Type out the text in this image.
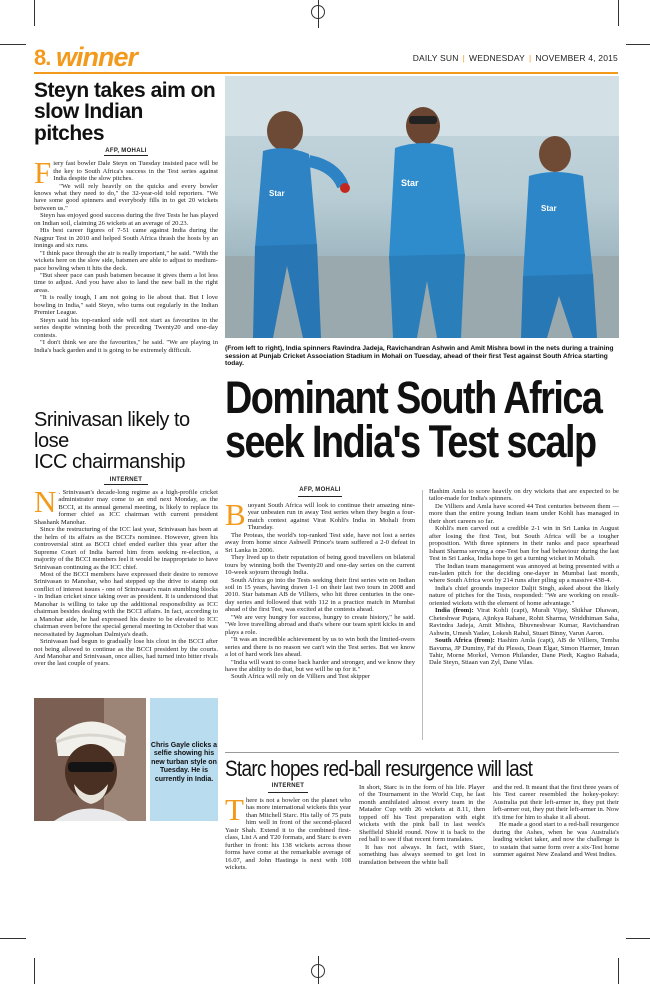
8. winner	DAILY SUN | WEDNESDAY | NOVEMBER 4, 2015
Steyn takes aim on
slow Indian pitches
AFP, MOHALI

Fiery fast bowler Dale Steyn on Tuesday insisted pace will be the key to South Africa's success in the Test series against India despite the slow pitches.

"We will rely heavily on the quicks and every bowler knows what they need to do," the 32-year-old told reporters. "We have some good spinners and everybody fills in to get 20 wickets between us."

Steyn has enjoyed good success during the five Tests he has played on Indian soil, claiming 26 wickets at an average of 20.23.

His best career figures of 7-51 came against India during the Nagpur Test in 2010 and helped South Africa thrash the hosts by an innings and six runs.

"I think pace through the air is really important," he said. "With the wickets here on the slow side, batsmen are able to adjust to medium-pace bowling when it hits the deck.

"But sheer pace can push batsmen because it gives them a lot less time to adjust. And you have also to land the new ball in the right areas.

"It is really tough, I am not going to lie about that. But I love bowling in India," said Steyn, who turns out regularly in the Indian Premier League.

Steyn said his top-ranked side will not start as favourites in the series despite winning both the preceding Twenty20 and one-day contests.

"I don't think we are the favourites," he said. "We are playing in India's back garden and it is going to be extremely difficult.

Srinivasan likely to lose
ICC chairmanship
INTERNET

N . Srinivasan's decade-long regime as a high-profile cricket administrator may come to an end next Monday, as the BCCI, at its annual general meeting, is likely to replace its former chief as ICC chairman with current president Shashank Manohar.

Since the restructuring of the ICC last year, Srinivasan has been at the helm of its affairs as the BCCI's nominee. However, given his controversial stint as BCCI chief ended earlier this year after the Supreme Court of India barred him from seeking re-election, a majority of the BCCI members feel it would be inappropriate to have Srinivasan continuing as the ICC chief.

Most of the BCCI members have expressed their desire to remove Srinivasan to Manohar, who had stepped up the drive to stamp out conflict of interest issues - one of Srinivasan's main stumbling blocks - in Indian cricket since taking over as president. It is understood that Manohar is willing to take up the additional responsibility as ICC chairman besides dealing with the BCCI affairs. In fact, according to a Manohar aide, he had expressed his desire to be elevated to ICC chairman even before the special general meeting in October that was necessitated by Jagmohan Dalmiya's death.

Srinivasan had begun to gradually lose his clout in the BCCI after not being allowed to continue as the BCCI president by the courts. And Manohar and Srinivasan, once allies, had turned into bitter rivals over the last couple of years.

Star
Star
Star
(From left to right), India spinners Ravindra Jadeja, Ravichandran Ashwin and Amit Mishra bowl in the nets during a training session at Punjab Cricket Association Stadium in Mohali on Tuesday, ahead of their first Test against South Africa starting today.
Dominant South Africa
seek India's Test scalp
AFP, MOHALI

Buoyant South Africa will look to continue their amazing nine-year unbeaten run in away Test series when they begin a four-match contest against Virat Kohli's India in Mohali from Thursday.

The Proteas, the world's top-ranked Test side, have not lost a series away from home since Ashwell Prince's team suffered a 2-0 defeat in Sri Lanka in 2006.

They lived up to their reputation of being good travellers on bilateral tours by winning both the Twenty20 and one-day series on the current 10-week sojourn through India.

South Africa go into the Tests seeking their first series win on Indian soil in 15 years, having drawn 1-1 on their last two tours in 2008 and 2010. Star batsman AB de Villiers, who hit three centuries in the one-day series and followed that with 112 in a practice match in Mumbai ahead of the first Test, was excited at the contests ahead.

"We are very hungry for success, hungry to create history," he said. "We love travelling abroad and that's where our team spirit kicks in and plays a role.

"It was an incredible achievement by us to win both the limited-overs series and there is no reason we can't win the Test series. But we know a lot of hard work lies ahead.

"India will want to come back harder and stronger, and we know they have the ability to do that, but we will be up for it."

South Africa will rely on de Villiers and Test skipper

Hashim Amla to score heavily on dry wickets that are expected to be tailor-made for India's spinners.

De Villiers and Amla have scored 44 Test centuries between them — more than the entire young Indian team under Kohli has managed in their short careers so far.

Kohli's men carved out a credible 2-1 win in Sri Lanka in August after losing the first Test, but South Africa will be a tougher proposition. With three spinners in their ranks and pace spearhead Ishant Sharma serving a one-Test ban for bad behaviour during the last Test in Sri Lanka, India hope to get a turning wicket in Mohali.

The Indian team management was annoyed at being presented with a run-laden pitch for the deciding one-dayer in Mumbai last month, where South Africa won by 214 runs after piling up a massive 438-4.

India's chief grounds inspector Daljit Singh, asked about the likely nature of pitches for the Tests, responded: "We are working on result-oriented wickets with the element of home advantage."

India (from): Virat Kohli (capt), Murali Vijay, Shikhar Dhawan, Cheteshwar Pujara, Ajinkya Rahane, Rohit Sharma, Wriddhiman Saha, Ravindra Jadeja, Amit Mishra, Bhuvneshwar Kumar, Ravichandran Ashwin, Umesh Yadav, Lokesh Rahul, Stuart Binny, Varun Aaron.

South Africa (from): Hashim Amla (capt), AB de Villiers, Temba Bavuma, JP Duminy, Faf du Plessis, Dean Elgar, Simon Harmer, Imran Tahir, Morne Morkel, Vernon Philander, Dane Piedt, Kagiso Rabada, Dale Steyn, Stiaan van Zyl, Dane Vilas.

Chris Gayle clicks a selfie showing his new turban style on Tuesday. He is currently in India. Starc hopes red-ball resurgence will last
INTERNET

There is not a bowler on the planet who has more international wickets this year than Mitchell Starc. His tally of 75 puts him well in front of the second-placed Yasir Shah. Extend it to the combined first-class, List A and T20 formats, and Starc is even further in front: his 138 wickets across those forms have come at the remarkable average of 16.07, and John Hastings is next with 108 wickets.

In short, Starc is in the form of his life. Player of the Tournament in the World Cup, he last month annihilated almost every team in the Matador Cup with 26 wickets at 8.11, then topped off his Test preparation with eight wickets with the pink ball in last week's Sheffield Shield round. Now it is back to the red ball to see if that recent form translates.

It has not always. In fact, with Starc, something has always seemed to get lost in translation between the white ball

and the red. It meant that the first three years of his Test career resembled the hokey-pokey: Australia put their left-armer in, they put their left-armer out, they put their left-armer in. Now it's time for him to shake it all about.

He made a good start to a red-ball resurgence during the Ashes, when he was Australia's leading wicket taker, and now the challenge is to sustain that same form over a six-Test home summer against New Zealand and West Indies.
